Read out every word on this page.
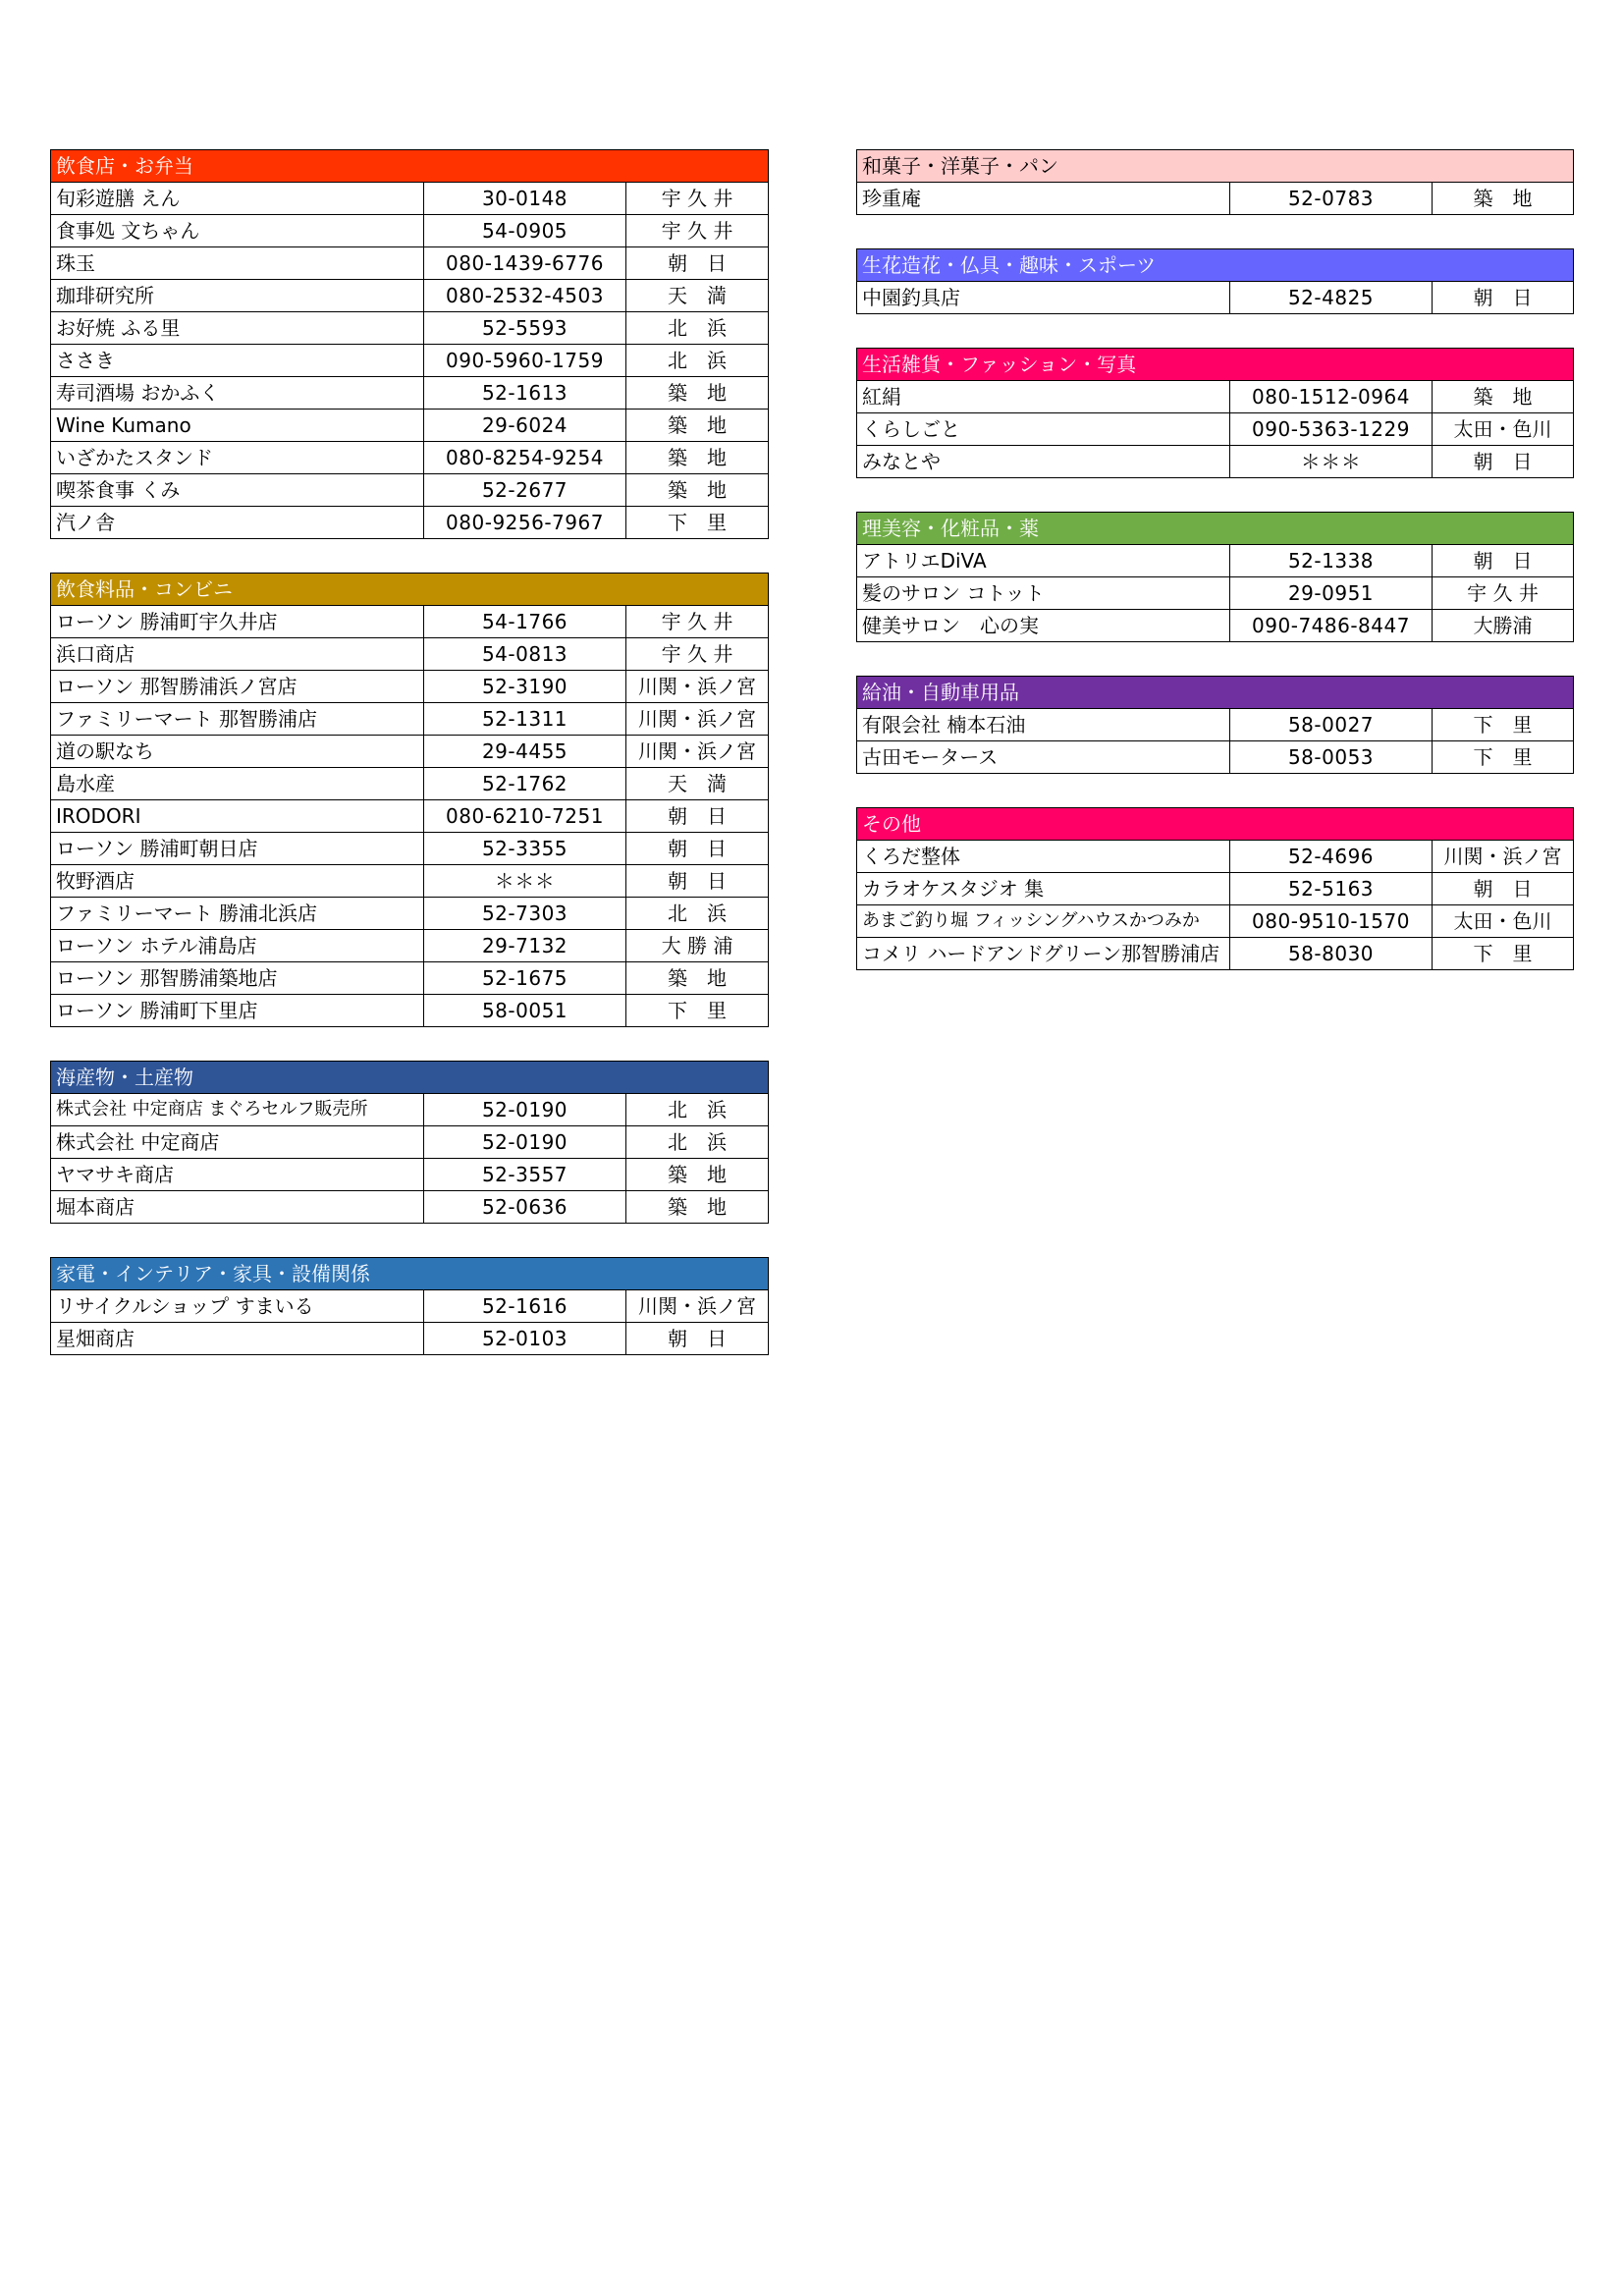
飲食店・お弁当
旬彩遊膳 えん	30-0148	宇 久 井
食事処 文ちゃん	54-0905	宇 久 井
珠玉	080-1439-6776	朝　日
珈琲研究所	080-2532-4503	天　満
お好焼 ふる里	52-5593	北　浜
ささき	090-5960-1759	北　浜
寿司酒場 おかふく	52-1613	築　地
Wine Kumano	29-6024	築　地
いざかたスタンド	080-8254-9254	築　地
喫茶食事 くみ	52-2677	築　地
汽ノ舎	080-9256-7967	下　里
飲食料品・コンビニ
ローソン 勝浦町宇久井店	54-1766	宇 久 井
浜口商店	54-0813	宇 久 井
ローソン 那智勝浦浜ノ宮店	52-3190	川関・浜ノ宮
ファミリーマート 那智勝浦店	52-1311	川関・浜ノ宮
道の駅なち	29-4455	川関・浜ノ宮
島水産	52-1762	天　満
IRODORI	080-6210-7251	朝　日
ローソン 勝浦町朝日店	52-3355	朝　日
牧野酒店	＊＊＊	朝　日
ファミリーマート 勝浦北浜店	52-7303	北　浜
ローソン ホテル浦島店	29-7132	大 勝 浦
ローソン 那智勝浦築地店	52-1675	築　地
ローソン 勝浦町下里店	58-0051	下　里
海産物・土産物
株式会社 中定商店 まぐろセルフ販売所	52-0190	北　浜
株式会社 中定商店	52-0190	北　浜
ヤマサキ商店	52-3557	築　地
堀本商店	52-0636	築　地
家電・インテリア・家具・設備関係
リサイクルショップ すまいる	52-1616	川関・浜ノ宮
星畑商店	52-0103	朝　日
和菓子・洋菓子・パン
珍重庵	52-0783	築　地
生花造花・仏具・趣味・スポーツ
中園釣具店	52-4825	朝　日
生活雑貨・ファッション・写真
紅絹	080-1512-0964	築　地
くらしごと	090-5363-1229	太田・色川
みなとや	＊＊＊	朝　日
理美容・化粧品・薬
アトリエDiVA	52-1338	朝　日
髪のサロン コトット	29-0951	宇 久 井
健美サロン　心の実	090-7486-8447	大勝浦
給油・自動車用品
有限会社 楠本石油	58-0027	下　里
古田モータース	58-0053	下　里
その他
くろだ整体	52-4696	川関・浜ノ宮
カラオケスタジオ 集	52-5163	朝　日
あまご釣り堀 フィッシングハウスかつみか	080-9510-1570	太田・色川
コメリ ハードアンドグリーン那智勝浦店	58-8030	下　里
